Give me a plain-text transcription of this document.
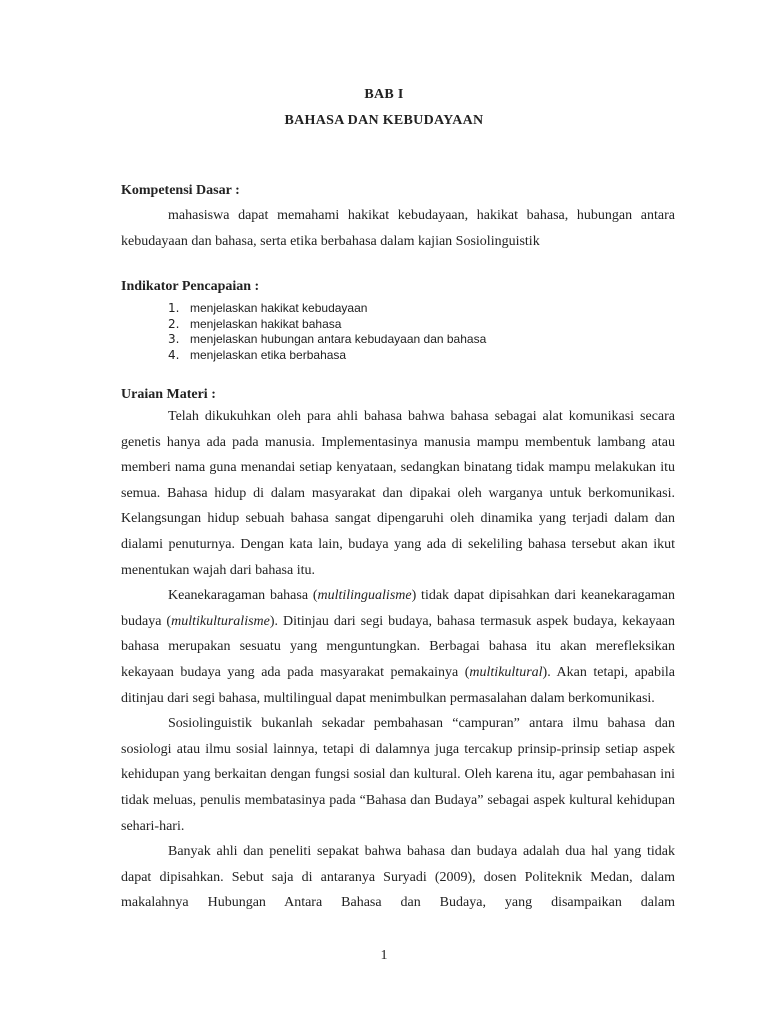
BAB I
BAHASA DAN KEBUDAYAAN
Kompetensi Dasar :

mahasiswa dapat memahami hakikat kebudayaan, hakikat bahasa, hubungan antara kebudayaan dan bahasa, serta etika berbahasa dalam kajian Sosiolinguistik

Indikator Pencapaian :
1. menjelaskan hakikat kebudayaan
2. menjelaskan hakikat bahasa
3. menjelaskan hubungan antara kebudayaan dan bahasa
4. menjelaskan etika berbahasa
Uraian Materi :

Telah dikukuhkan oleh para ahli bahasa bahwa bahasa sebagai alat komunikasi secara genetis hanya ada pada manusia. Implementasinya manusia mampu membentuk lambang atau memberi nama guna menandai setiap kenyataan, sedangkan binatang tidak mampu melakukan itu semua. Bahasa hidup di dalam masyarakat dan dipakai oleh warganya untuk berkomunikasi. Kelangsungan hidup sebuah bahasa sangat dipengaruhi oleh dinamika yang terjadi dalam dan dialami penuturnya. Dengan kata lain, budaya yang ada di sekeliling bahasa tersebut akan ikut menentukan wajah dari bahasa itu.

Keanekaragaman bahasa (multilingualisme) tidak dapat dipisahkan dari keanekaragaman budaya (multikulturalisme). Ditinjau dari segi budaya, bahasa termasuk aspek budaya, kekayaan bahasa merupakan sesuatu yang menguntungkan. Berbagai bahasa itu akan merefleksikan kekayaan budaya yang ada pada masyarakat pemakainya (multikultural). Akan tetapi, apabila ditinjau dari segi bahasa, multilingual dapat menimbulkan permasalahan dalam berkomunikasi.

Sosiolinguistik bukanlah sekadar pembahasan “campuran” antara ilmu bahasa dan sosiologi atau ilmu sosial lainnya, tetapi di dalamnya juga tercakup prinsip-prinsip setiap aspek kehidupan yang berkaitan dengan fungsi sosial dan kultural. Oleh karena itu, agar pembahasan ini tidak meluas, penulis membatasinya pada “Bahasa dan Budaya” sebagai aspek kultural kehidupan sehari-hari.

Banyak ahli dan peneliti sepakat bahwa bahasa dan budaya adalah dua hal yang tidak dapat dipisahkan. Sebut saja di antaranya Suryadi (2009), dosen Politeknik Medan, dalam makalahnya Hubungan Antara Bahasa dan Budaya, yang disampaikan dalam

1
